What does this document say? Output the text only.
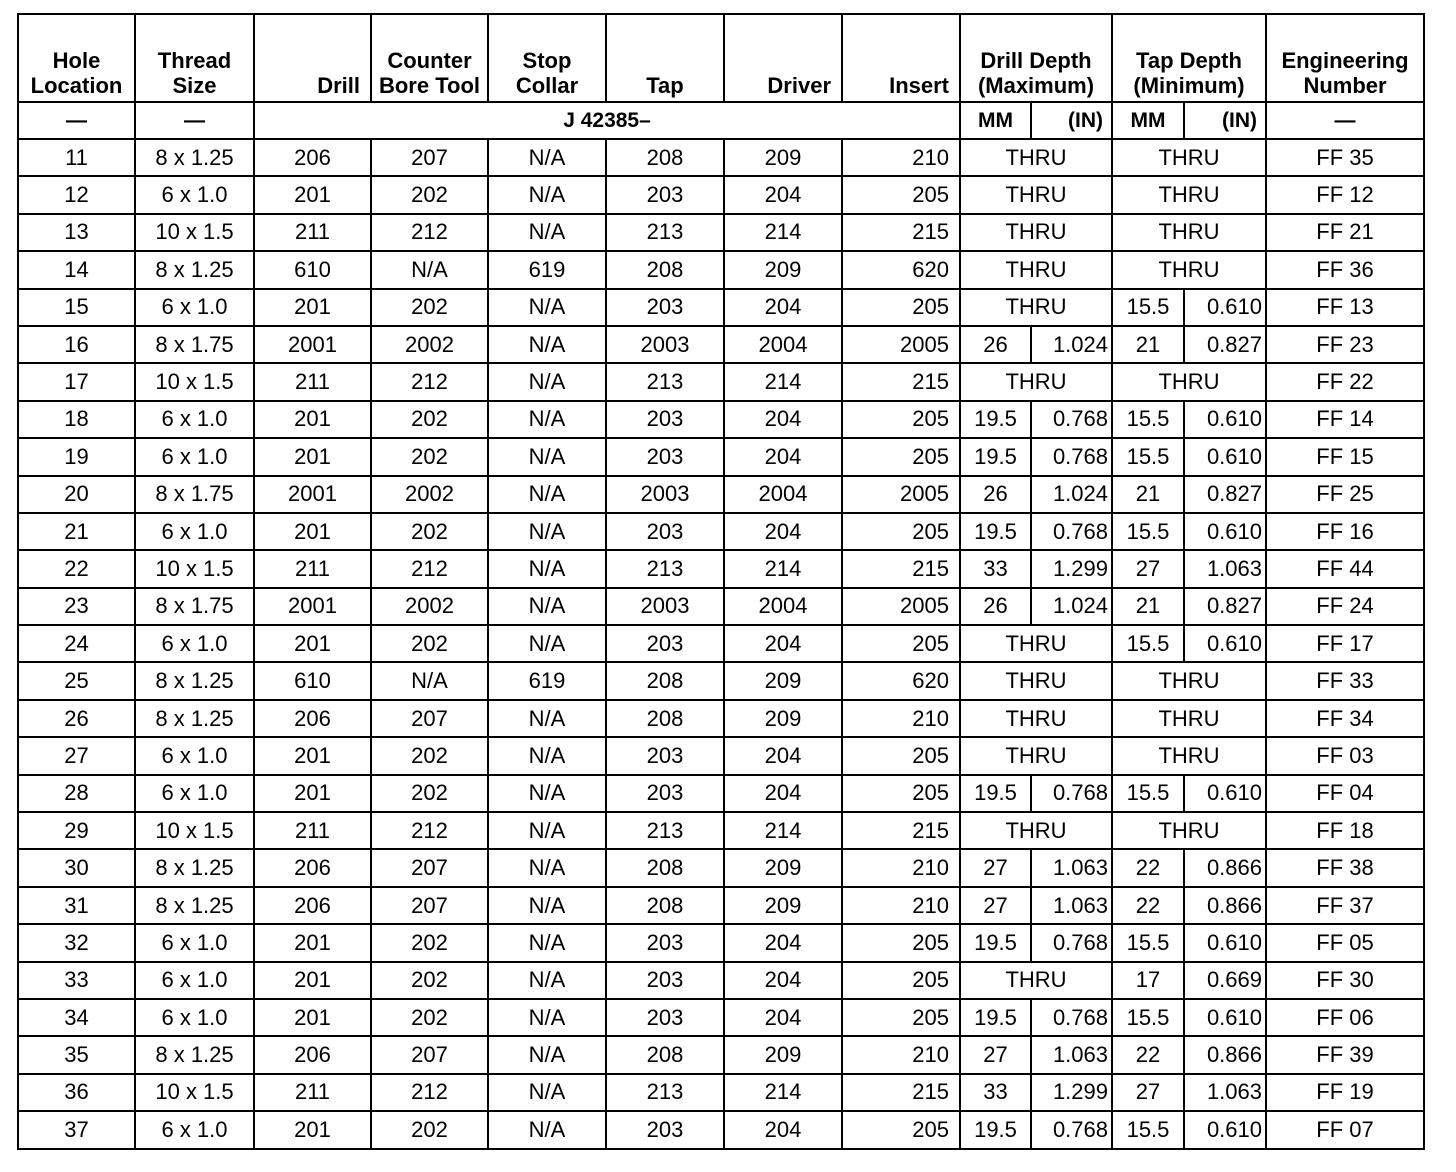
Hole Location	Thread Size	Drill	Counter Bore Tool	Stop Collar	Tap	Driver	Insert	Drill Depth (Maximum)		Tap Depth (Minimum)		Engineering Number
—	—	J 42385–						MM	(IN)	MM	(IN)	—
11	8 x 1.25	206	207	N/A	208	209	210	THRU		THRU		FF 35
12	6 x 1.0	201	202	N/A	203	204	205	THRU		THRU		FF 12
13	10 x 1.5	211	212	N/A	213	214	215	THRU		THRU		FF 21
14	8 x 1.25	610	N/A	619	208	209	620	THRU		THRU		FF 36
15	6 x 1.0	201	202	N/A	203	204	205	THRU		15.5	0.610	FF 13
16	8 x 1.75	2001	2002	N/A	2003	2004	2005	26	1.024	21	0.827	FF 23
17	10 x 1.5	211	212	N/A	213	214	215	THRU		THRU		FF 22
18	6 x 1.0	201	202	N/A	203	204	205	19.5	0.768	15.5	0.610	FF 14
19	6 x 1.0	201	202	N/A	203	204	205	19.5	0.768	15.5	0.610	FF 15
20	8 x 1.75	2001	2002	N/A	2003	2004	2005	26	1.024	21	0.827	FF 25
21	6 x 1.0	201	202	N/A	203	204	205	19.5	0.768	15.5	0.610	FF 16
22	10 x 1.5	211	212	N/A	213	214	215	33	1.299	27	1.063	FF 44
23	8 x 1.75	2001	2002	N/A	2003	2004	2005	26	1.024	21	0.827	FF 24
24	6 x 1.0	201	202	N/A	203	204	205	THRU		15.5	0.610	FF 17
25	8 x 1.25	610	N/A	619	208	209	620	THRU		THRU		FF 33
26	8 x 1.25	206	207	N/A	208	209	210	THRU		THRU		FF 34
27	6 x 1.0	201	202	N/A	203	204	205	THRU		THRU		FF 03
28	6 x 1.0	201	202	N/A	203	204	205	19.5	0.768	15.5	0.610	FF 04
29	10 x 1.5	211	212	N/A	213	214	215	THRU		THRU		FF 18
30	8 x 1.25	206	207	N/A	208	209	210	27	1.063	22	0.866	FF 38
31	8 x 1.25	206	207	N/A	208	209	210	27	1.063	22	0.866	FF 37
32	6 x 1.0	201	202	N/A	203	204	205	19.5	0.768	15.5	0.610	FF 05
33	6 x 1.0	201	202	N/A	203	204	205	THRU		17	0.669	FF 30
34	6 x 1.0	201	202	N/A	203	204	205	19.5	0.768	15.5	0.610	FF 06
35	8 x 1.25	206	207	N/A	208	209	210	27	1.063	22	0.866	FF 39
36	10 x 1.5	211	212	N/A	213	214	215	33	1.299	27	1.063	FF 19
37	6 x 1.0	201	202	N/A	203	204	205	19.5	0.768	15.5	0.610	FF 07
